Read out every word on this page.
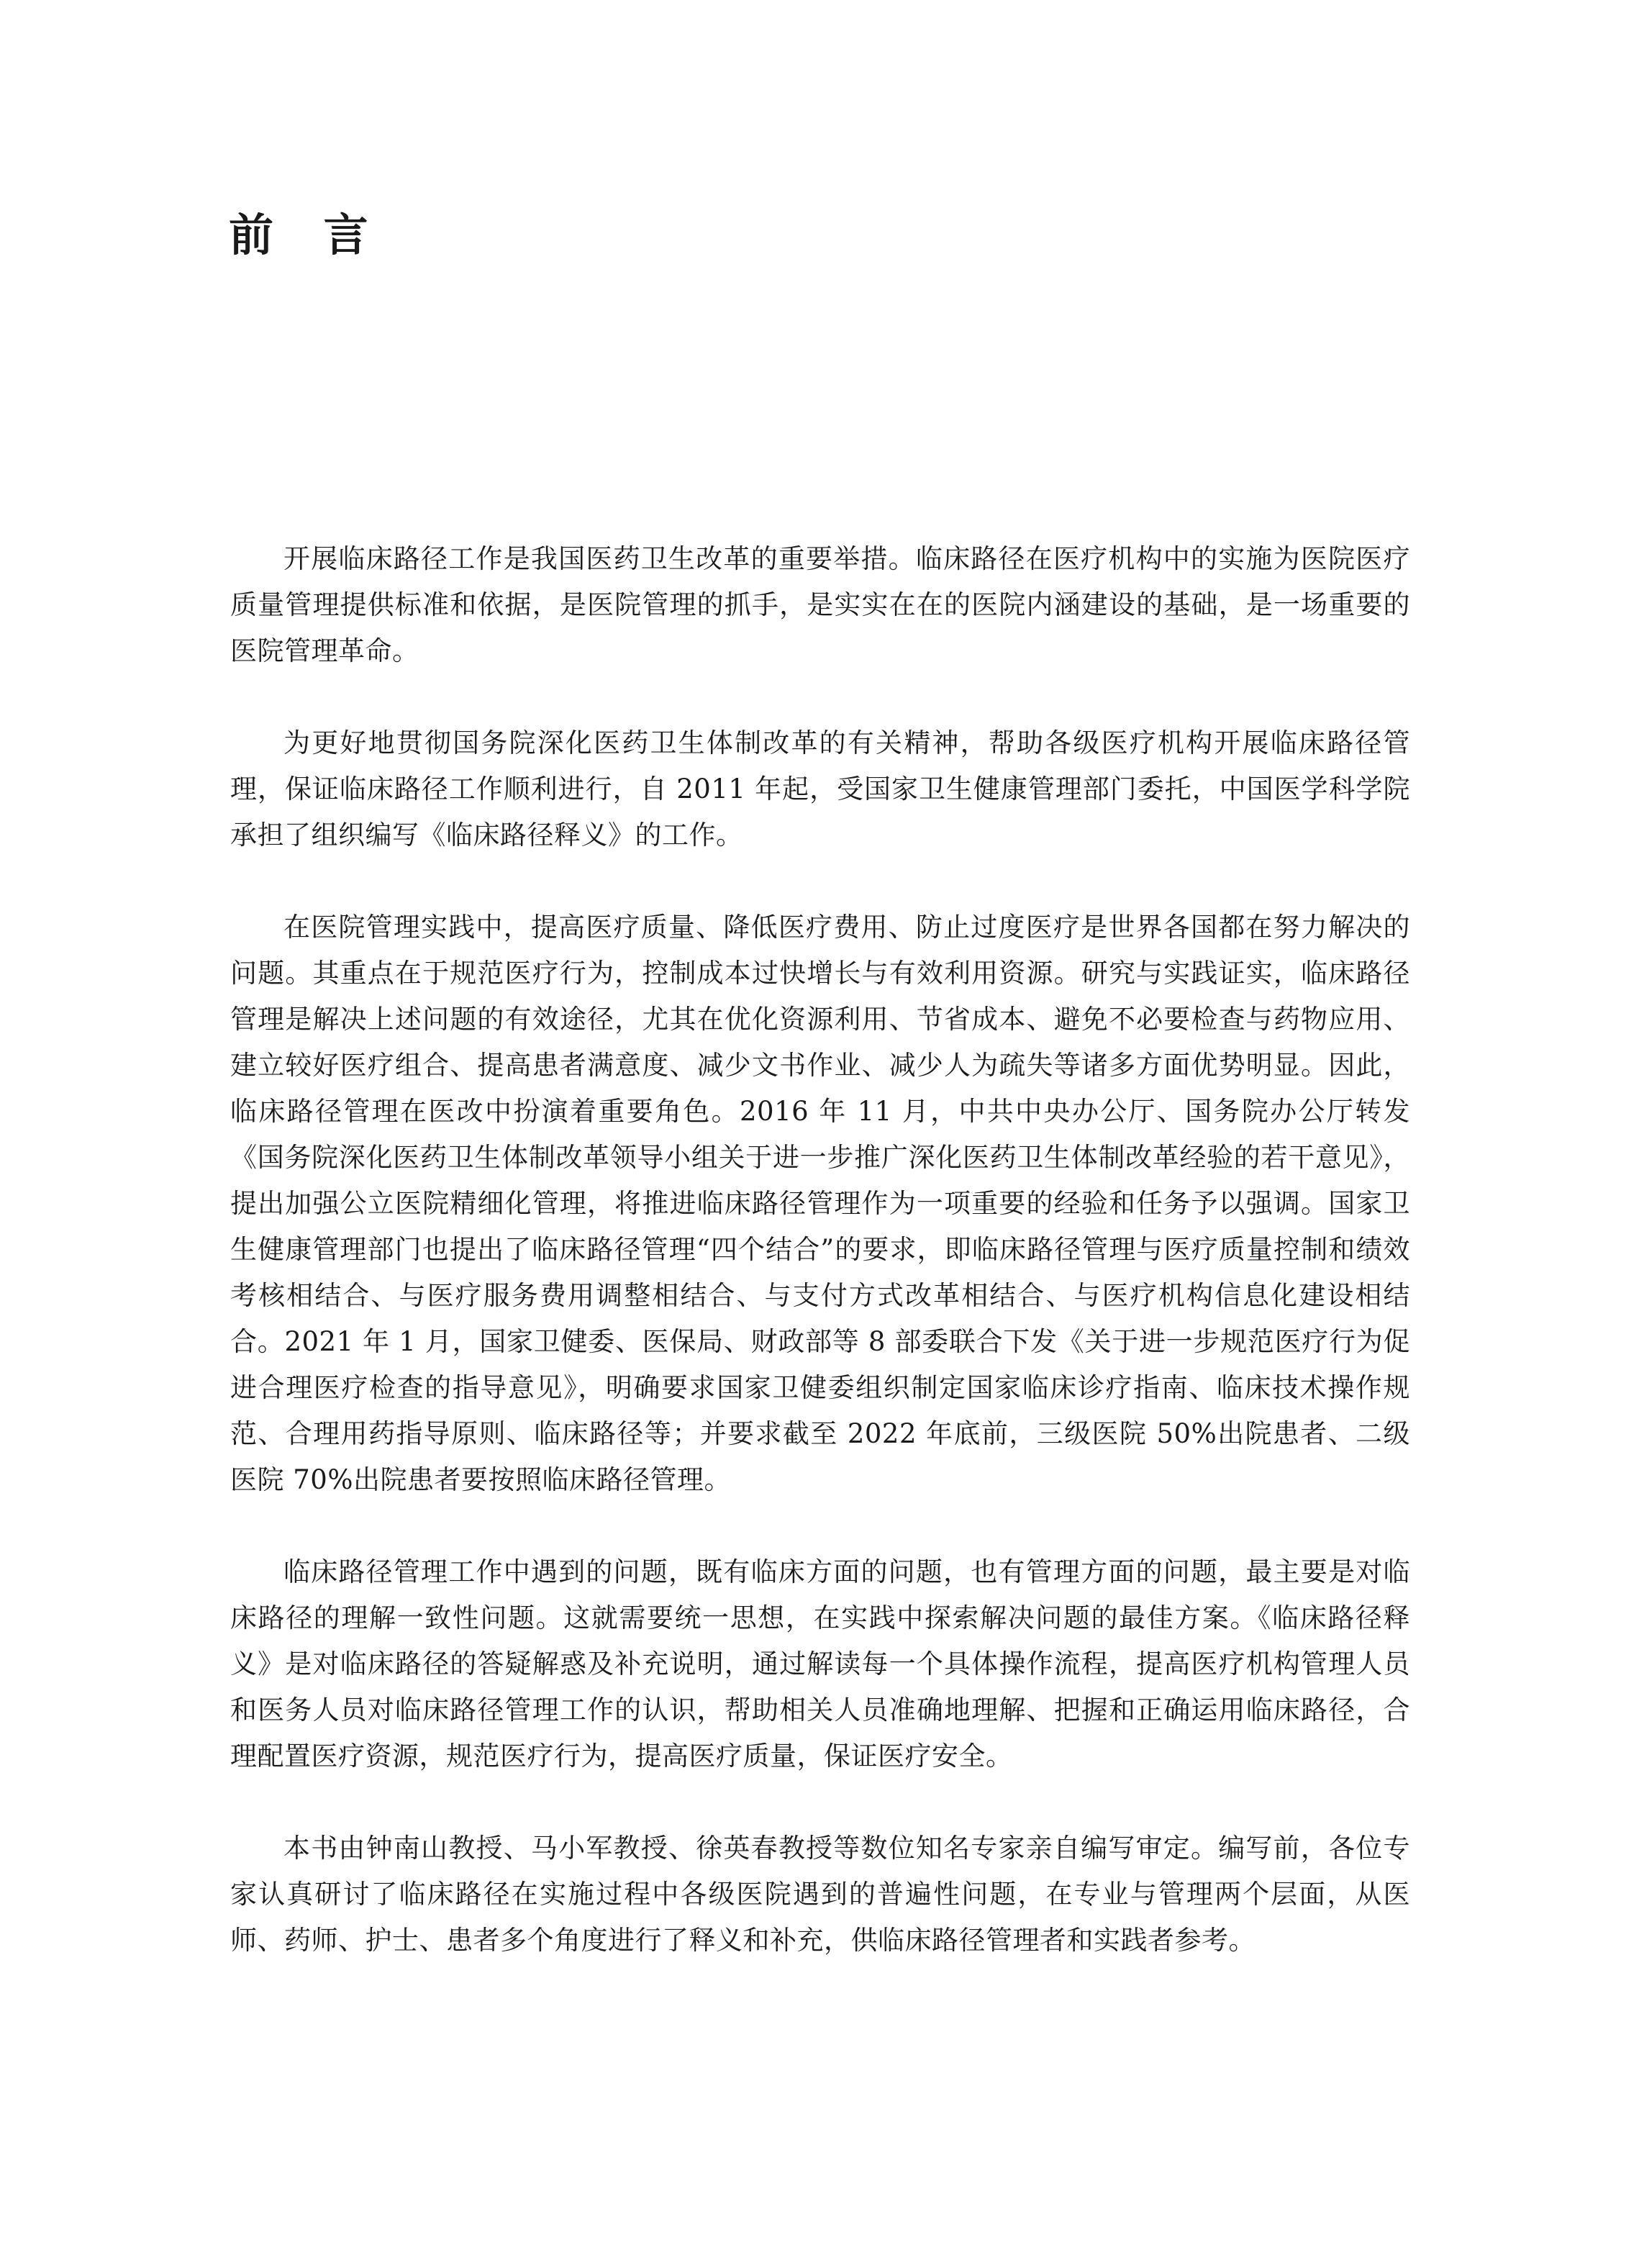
前 言

开展临床路径工作是我国医药卫生改革的重要举措。临床路径在医疗机构中的实施为医院医疗质量管理提供标准和依据，是医院管理的抓手，是实实在在的医院内涵建设的基础，是一场重要的医院管理革命。

为更好地贯彻国务院深化医药卫生体制改革的有关精神，帮助各级医疗机构开展临床路径管理，保证临床路径工作顺利进行，自 2011 年起，受国家卫生健康管理部门委托，中国医学科学院承担了组织编写《临床路径释义》的工作。

在医院管理实践中，提高医疗质量、降低医疗费用、防止过度医疗是世界各国都在努力解决的问题。其重点在于规范医疗行为，控制成本过快增长与有效利用资源。研究与实践证实，临床路径管理是解决上述问题的有效途径，尤其在优化资源利用、节省成本、避免不必要检查与药物应用、建立较好医疗组合、提高患者满意度、减少文书作业、减少人为疏失等诸多方面优势明显。因此，临床路径管理在医改中扮演着重要角色。2016 年 11 月，中共中央办公厅、国务院办公厅转发《国务院深化医药卫生体制改革领导小组关于进一步推广深化医药卫生体制改革经验的若干意见》，提出加强公立医院精细化管理，将推进临床路径管理作为一项重要的经验和任务予以强调。国家卫生健康管理部门也提出了临床路径管理“四个结合”的要求，即临床路径管理与医疗质量控制和绩效考核相结合、与医疗服务费用调整相结合、与支付方式改革相结合、与医疗机构信息化建设相结合。2021 年 1 月，国家卫健委、医保局、财政部等 8 部委联合下发《关于进一步规范医疗行为促进合理医疗检查的指导意见》，明确要求国家卫健委组织制定国家临床诊疗指南、临床技术操作规范、合理用药指导原则、临床路径等；并要求截至 2022 年底前，三级医院 50%出院患者、二级医院 70%出院患者要按照临床路径管理。

临床路径管理工作中遇到的问题，既有临床方面的问题，也有管理方面的问题，最主要是对临床路径的理解一致性问题。这就需要统一思想，在实践中探索解决问题的最佳方案。《临床路径释义》是对临床路径的答疑解惑及补充说明，通过解读每一个具体操作流程，提高医疗机构管理人员和医务人员对临床路径管理工作的认识，帮助相关人员准确地理解、把握和正确运用临床路径，合理配置医疗资源，规范医疗行为，提高医疗质量，保证医疗安全。

本书由钟南山教授、马小军教授、徐英春教授等数位知名专家亲自编写审定。编写前，各位专家认真研讨了临床路径在实施过程中各级医院遇到的普遍性问题，在专业与管理两个层面，从医师、药师、护士、患者多个角度进行了释义和补充，供临床路径管理者和实践者参考。
